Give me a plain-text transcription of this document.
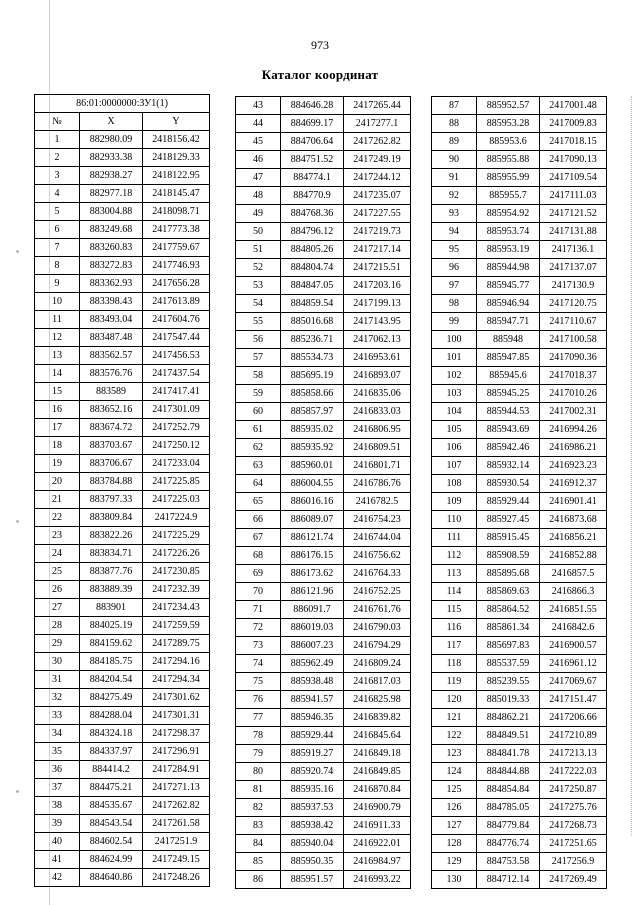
973
Каталог координат
86:01:0000000:ЗУ1(1)		
№	X	Y
1	882980.09	2418156.42
2	882933.38	2418129.33
3	882938.27	2418122.95
4	882977.18	2418145.47
5	883004.88	2418098.71
6	883249.68	2417773.38
7	883260.83	2417759.67
8	883272.83	2417746.93
9	883362.93	2417656.28
10	883398.43	2417613.89
11	883493.04	2417604.76
12	883487.48	2417547.44
13	883562.57	2417456.53
14	883576.76	2417437.54
15	883589	2417417.41
16	883652.16	2417301.09
17	883674.72	2417252.79
18	883703.67	2417250.12
19	883706.67	2417233.04
20	883784.88	2417225.85
21	883797.33	2417225.03
22	883809.84	2417224.9
23	883822.26	2417225.29
24	883834.71	2417226.26
25	883877.76	2417230.85
26	883889.39	2417232.39
27	883901	2417234.43
28	884025.19	2417259.59
29	884159.62	2417289.75
30	884185.75	2417294.16
31	884204.54	2417294.34
32	884275.49	2417301.62
33	884288.04	2417301.31
34	884324.18	2417298.37
35	884337.97	2417296.91
36	884414.2	2417284.91
37	884475.21	2417271.13
38	884535.67	2417262.82
39	884543.54	2417261.58
40	884602.54	2417251.9
41	884624.99	2417249.15
42	884640.86	2417248.26
43	884646.28	2417265.44
44	884699.17	2417277.1
45	884706.64	2417262.82
46	884751.52	2417249.19
47	884774.1	2417244.12
48	884770.9	2417235.07
49	884768.36	2417227.55
50	884796.12	2417219.73
51	884805.26	2417217.14
52	884804.74	2417215.51
53	884847.05	2417203.16
54	884859.54	2417199.13
55	885016.68	2417143.95
56	885236.71	2417062.13
57	885534.73	2416953.61
58	885695.19	2416893.07
59	885858.66	2416835.06
60	885857.97	2416833.03
61	885935.02	2416806.95
62	885935.92	2416809.51
63	885960.01	2416801.71
64	886004.55	2416786.76
65	886016.16	2416782.5
66	886089.07	2416754.23
67	886121.74	2416744.04
68	886176.15	2416756.62
69	886173.62	2416764.33
70	886121.96	2416752.25
71	886091.7	2416761.76
72	886019.03	2416790.03
73	886007.23	2416794.29
74	885962.49	2416809.24
75	885938.48	2416817.03
76	885941.57	2416825.98
77	885946.35	2416839.82
78	885929.44	2416845.64
79	885919.27	2416849.18
80	885920.74	2416849.85
81	885935.16	2416870.84
82	885937.53	2416900.79
83	885938.42	2416911.33
84	885940.04	2416922.01
85	885950.35	2416984.97
86	885951.57	2416993.22
87	885952.57	2417001.48
88	885953.28	2417009.83
89	885953.6	2417018.15
90	885955.88	2417090.13
91	885955.99	2417109.54
92	885955.7	2417111.03
93	885954.92	2417121.52
94	885953.74	2417131.88
95	885953.19	2417136.1
96	885944.98	2417137.07
97	885945.77	2417130.9
98	885946.94	2417120.75
99	885947.71	2417110.67
100	885948	2417100.58
101	885947.85	2417090.36
102	885945.6	2417018.37
103	885945.25	2417010.26
104	885944.53	2417002.31
105	885943.69	2416994.26
106	885942.46	2416986.21
107	885932.14	2416923.23
108	885930.54	2416912.37
109	885929.44	2416901.41
110	885927.45	2416873.68
111	885915.45	2416856.21
112	885908.59	2416852.88
113	885895.68	2416857.5
114	885869.63	2416866.3
115	885864.52	2416851.55
116	885861.34	2416842.6
117	885697.83	2416900.57
118	885537.59	2416961.12
119	885239.55	2417069.67
120	885019.33	2417151.47
121	884862.21	2417206.66
122	884849.51	2417210.89
123	884841.78	2417213.13
124	884844.88	2417222.03
125	884854.84	2417250.87
126	884785.05	2417275.76
127	884779.84	2417268.73
128	884776.74	2417251.65
129	884753.58	2417256.9
130	884712.14	2417269.49
